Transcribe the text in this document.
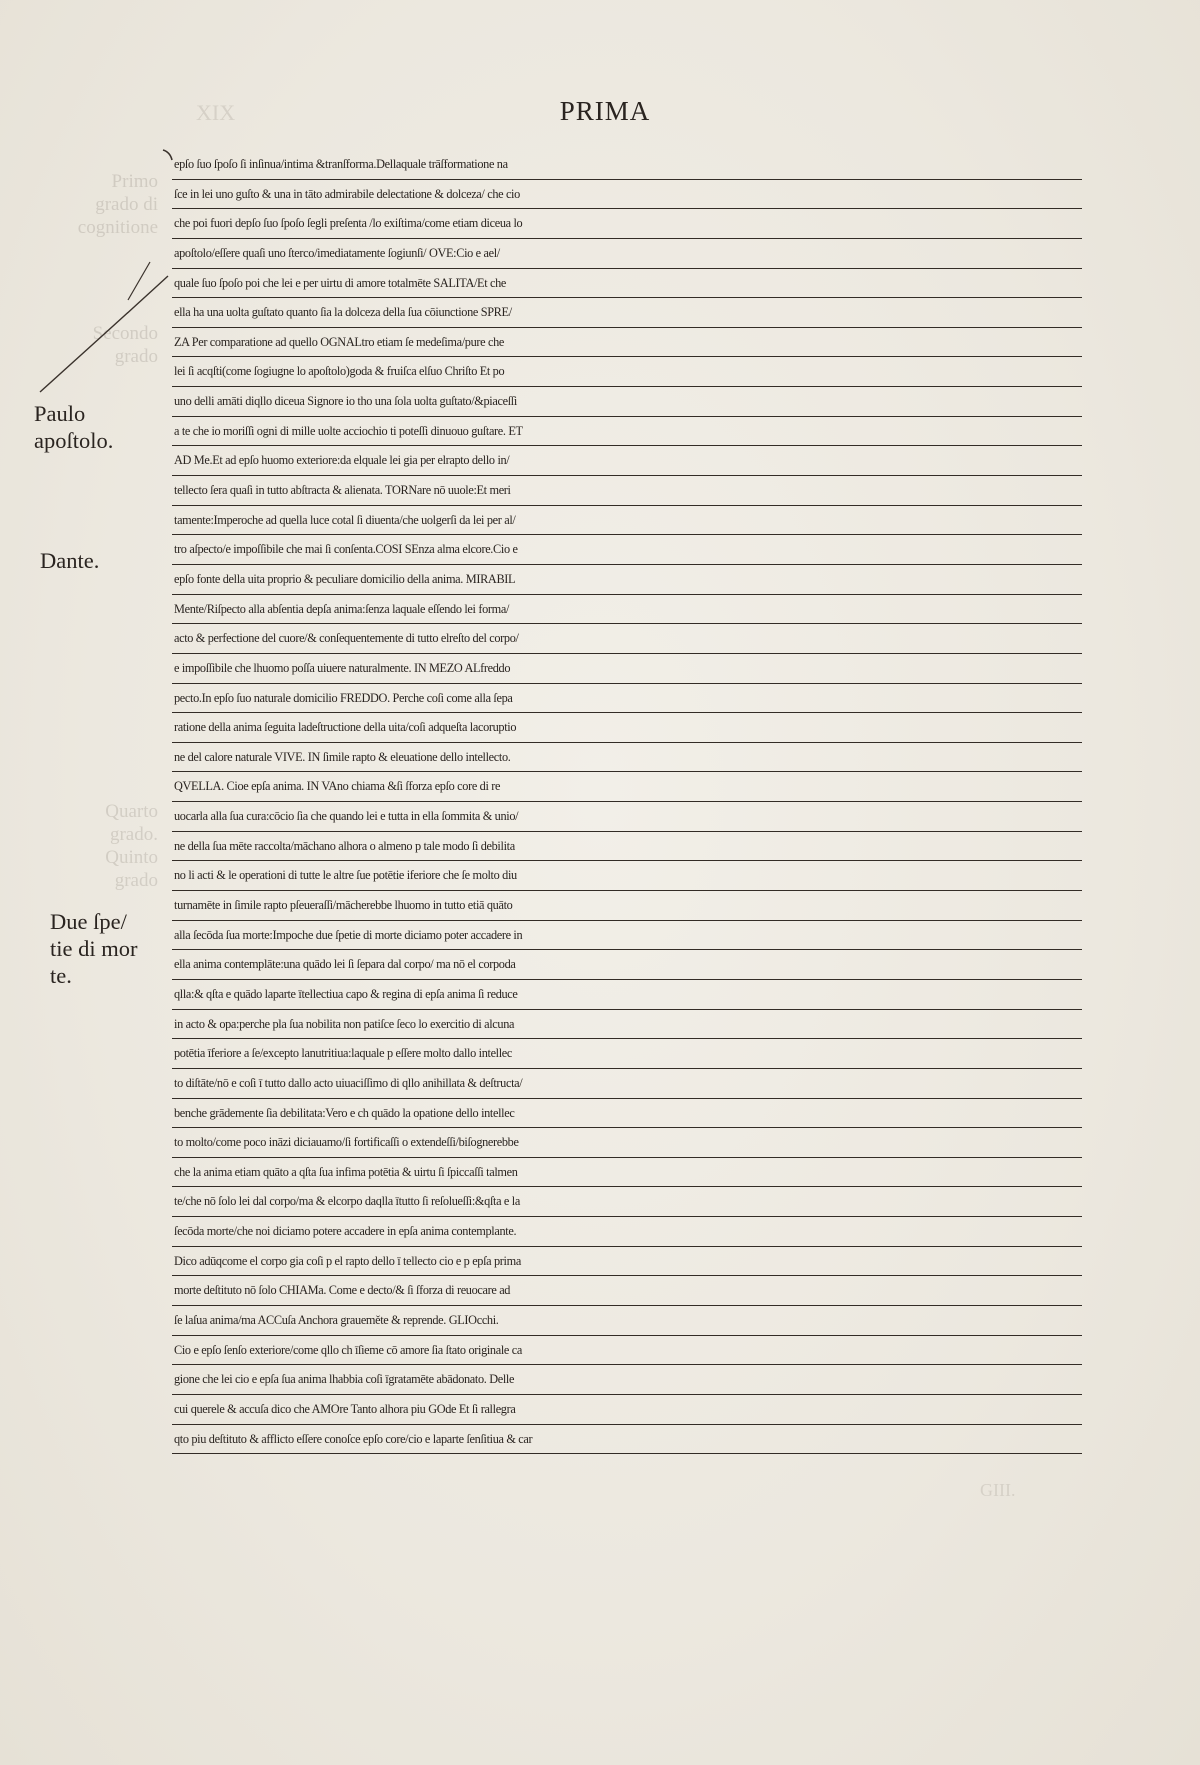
XIX
Primo
grado di
cognitione
Secondo
grado
Quarto
grado.
Quinto
grado
GIII.
PRIMA
Paulo
apoſtolo.
Dante.
Due ſpe/
tie di mor
te.
epſo ſuo ſpoſo ſi inſinua/intima &tranſforma.Dellaquale trāſformatione na
ſce in lei uno guſto & una in tāto admirabile delectatione & dolceza/ che cio
che poi fuori depſo ſuo ſpoſo ſegli preſenta /lo exiſtima/come etiam diceua lo
apoſtolo/eſſere quaſi uno ſterco/imediatamente ſogiunſi/ OVE:Cio e ael/
quale ſuo ſpoſo poi che lei e per uirtu di amore totalmēte SALITA/Et che
ella ha una uolta guſtato quanto ſia la dolceza della ſua cōiunctione SPRE/
ZA Per comparatione ad quello OGNALtro etiam ſe medeſima/pure che
lei ſi acqſti(come ſogiugne lo apoſtolo)goda & fruiſca elſuo Chriſto Et po
uno delli amāti diqllo diceua Signore io tho una ſola uolta guſtato/&piaceſſi
a te che io moriſſi ogni di mille uolte acciochio ti poteſſi dinuouo guſtare. ET
AD Me.Et ad epſo huomo exteriore:da elquale lei gia per elrapto dello in/
tellecto ſera quaſi in tutto abſtracta & alienata. TORNare nō uuole:Et meri
tamente:Imperoche ad quella luce cotal ſi diuenta/che uolgerſi da lei per al/
tro aſpecto/e impoſſibile che mai ſi conſenta.COSI SEnza alma elcore.Cio e
epſo fonte della uita proprio & peculiare domicilio della anima. MIRABIL
Mente/Riſpecto alla abſentia depſa anima:ſenza laquale eſſendo lei forma/
acto & perfectione del cuore/& conſequentemente di tutto elreſto del corpo/
e impoſſibile che lhuomo poſſa uiuere naturalmente. IN MEZO ALfreddo
pecto.In epſo ſuo naturale domicilio FREDDO. Perche coſi come alla ſepa
ratione della anima ſeguita ladeſtructione della uita/coſi adqueſta lacoruptio
ne del calore naturale VIVE. IN ſimile rapto & eleuatione dello intellecto.
QVELLA. Cioe epſa anima. IN VAno chiama &ſi ſforza epſo core di re
uocarla alla ſua cura:cōcio ſia che quando lei e tutta in ella ſommita & unio/
ne della ſua mēte raccolta/māchano alhora o almeno p tale modo ſi debilita
no li acti & le operationi di tutte le altre ſue potētie iferiore che ſe molto diu
turnamēte in ſimile rapto pſeueraſſi/mācherebbe lhuomo in tutto etiā quāto
alla ſecōda ſua morte:Impoche due ſpetie di morte diciamo poter accadere in
ella anima contemplāte:una quādo lei ſi ſepara dal corpo/ ma nō el corpoda
qlla:& qſta e quādo laparte ītellectiua capo & regina di epſa anima ſi reduce
in acto & opa:perche pla ſua nobilita non patiſce ſeco lo exercitio di alcuna
potētia īferiore a ſe/excepto lanutritiua:laquale p eſſere molto dallo intellec
to diſtāte/nō e coſi ī tutto dallo acto uiuaciſſimo di qllo anihillata & deſtructa/
benche grādemente ſia debilitata:Vero e ch quādo la opatione dello intellec
to molto/come poco ināzi diciauamo/ſi fortificaſſi o extendeſſi/biſognerebbe
che la anima etiam quāto a qſta ſua infima potētia & uirtu ſi ſpiccaſſi talmen
te/che nō ſolo lei dal corpo/ma & elcorpo daqlla ītutto ſi reſolueſſi:&qſta e la
ſecōda morte/che noi diciamo potere accadere in epſa anima contemplante.
Dico adūqcome el corpo gia coſi p el rapto dello ī tellecto cio e p epſa prima
morte deſtituto nō ſolo CHIAMa. Come e decto/& ſi ſforza di reuocare ad
ſe laſua anima/ma ACCuſa Anchora graueměte & reprende. GLIOcchi.
Cio e epſo ſenſo exteriore/come qllo ch īſieme cō amore ſia ſtato originale ca
gione che lei cio e epſa ſua anima lhabbia coſi īgratamēte abādonato. Delle
cui querele & accuſa dico che AMOre Tanto alhora piu GOde Et ſi rallegra
qto piu deſtituto & afflicto eſſere conoſce epſo core/cio e laparte ſenſitiua & car
